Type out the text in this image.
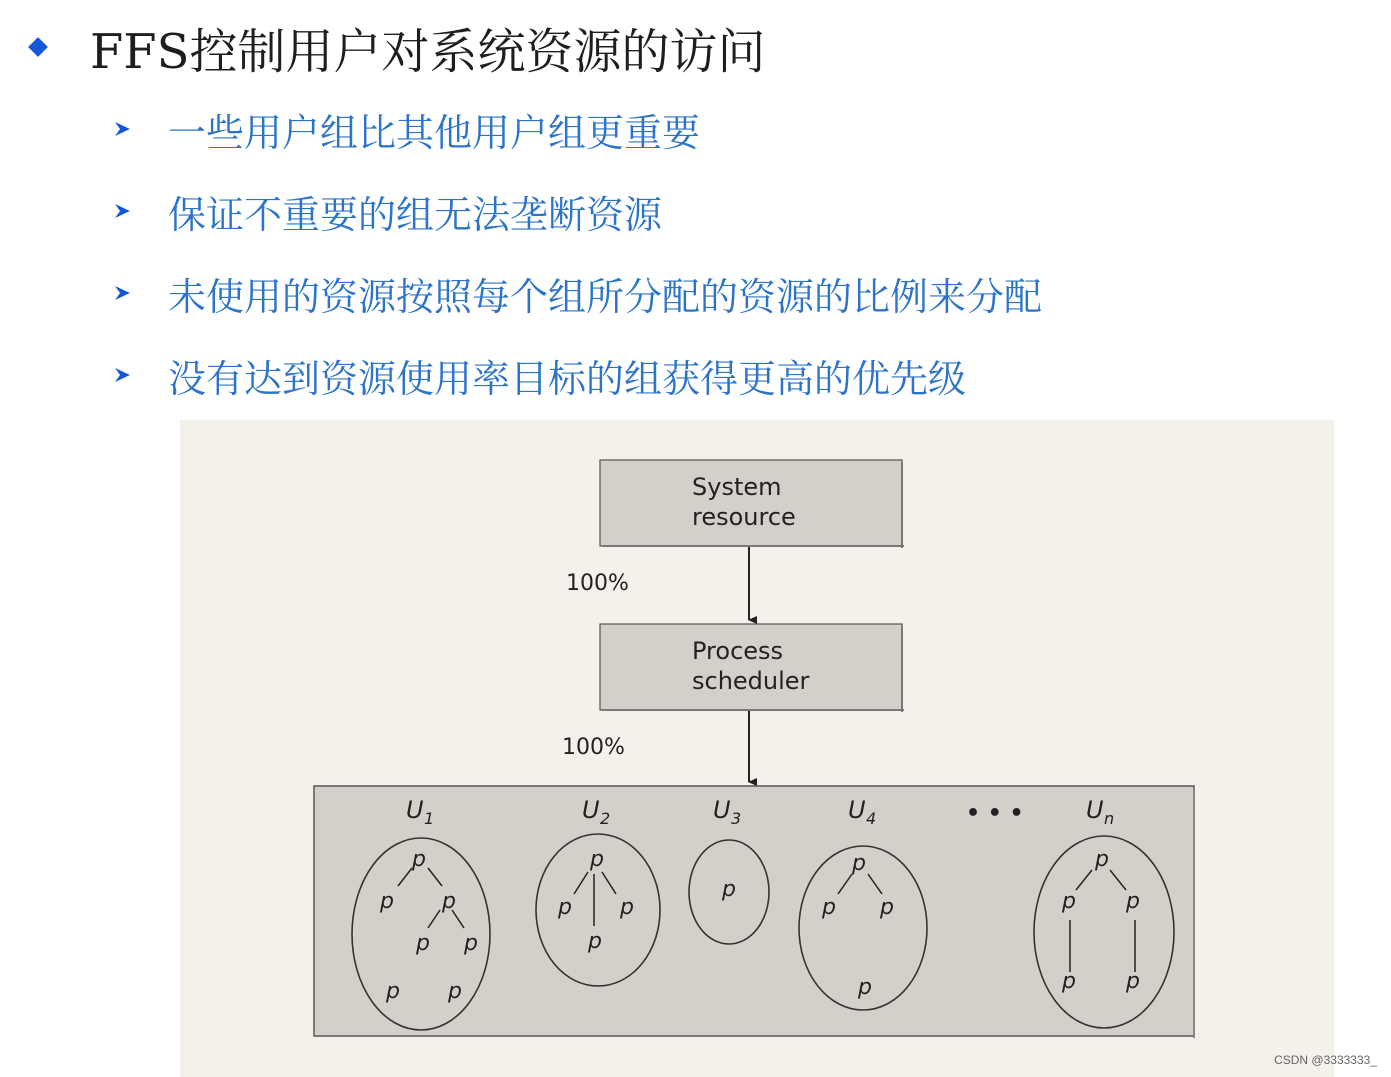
FFS控制用户对系统资源的访问
一些用户组比其他用户组更重要
保证不重要的组无法垄断资源
未使用的资源按照每个组所分配的资源的比例来分配
没有达到资源使用率目标的组获得更高的优先级
System
resource
100%
Process
scheduler
100%
U 1	U 2	U 3	U 4	• • •	U n
p
p p
p p
p p
p
p p
p
p
p
p p
p
p
p p
p p
CSDN @3333333_
